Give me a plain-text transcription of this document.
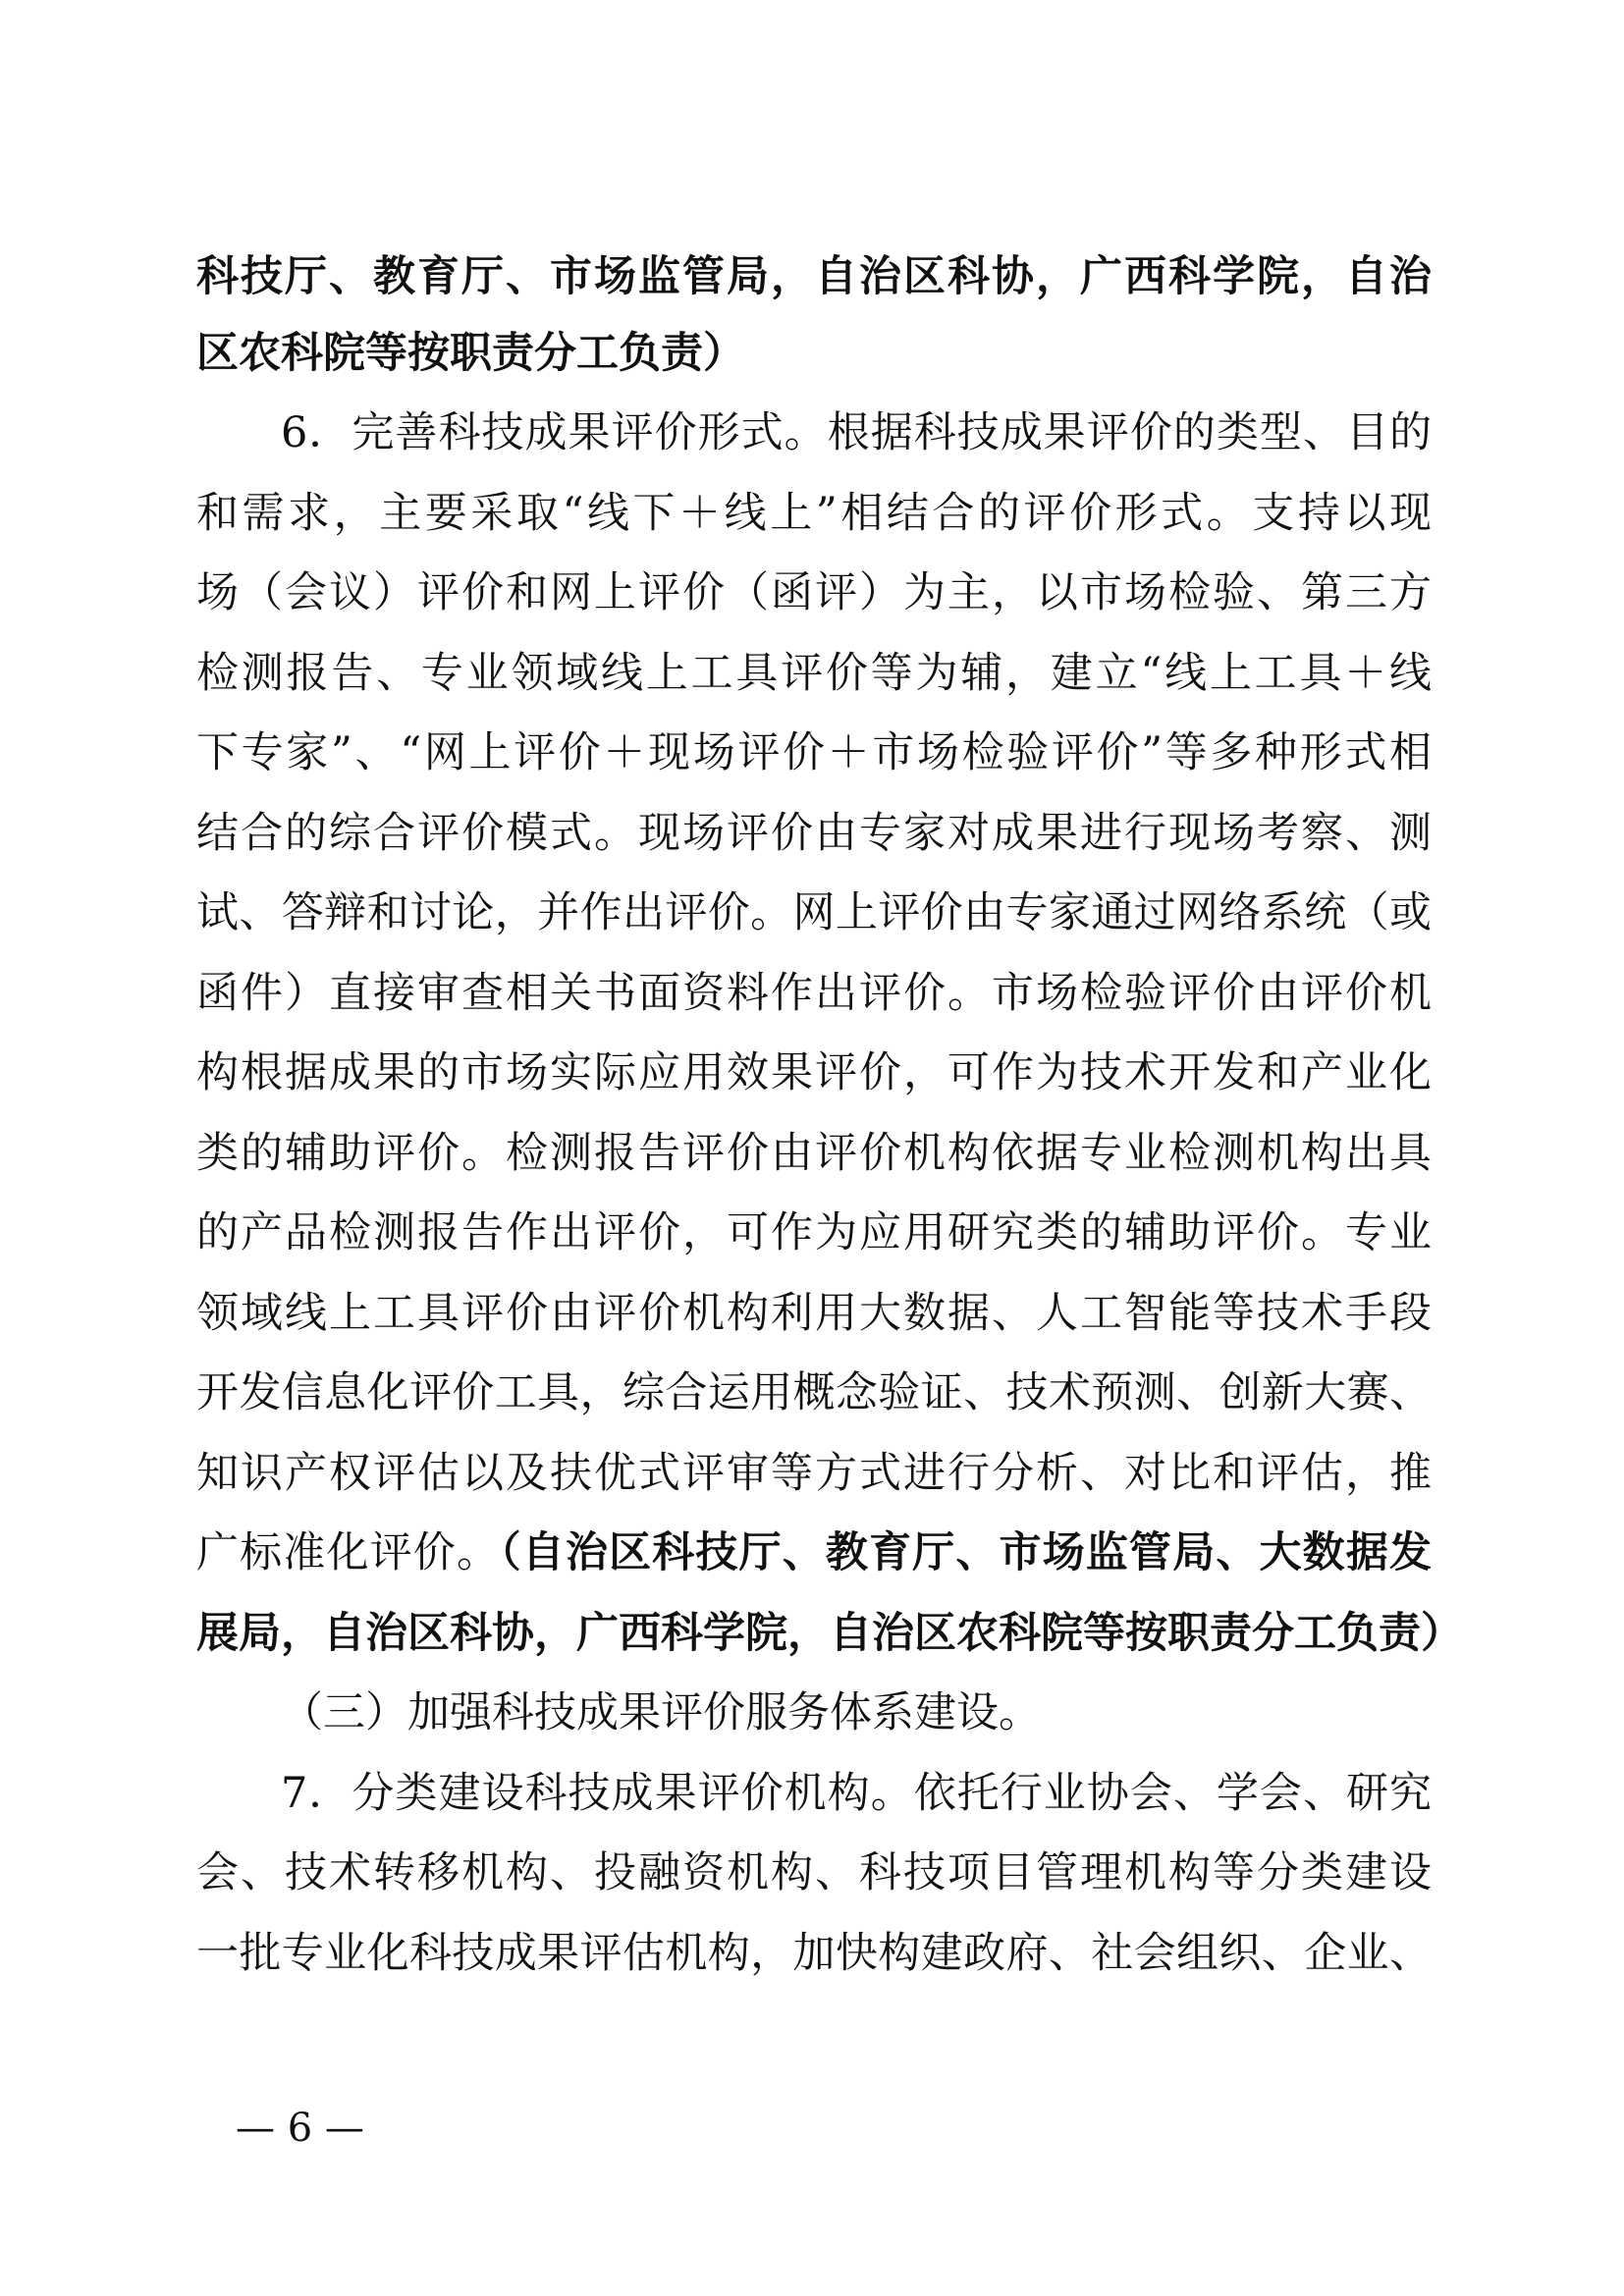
科技厅、教育厅、市场监管局，自治区科协，广西科学院，自治
区农科院等按职责分工负责）
6．完善科技成果评价形式。根据科技成果评价的类型、目的
和需求，主要采取“线下＋线上”相结合的评价形式。支持以现
场（会议）评价和网上评价（函评）为主，以市场检验、第三方
检测报告、专业领域线上工具评价等为辅，建立“线上工具＋线
下专家”、“网上评价＋现场评价＋市场检验评价”等多种形式相
结合的综合评价模式。现场评价由专家对成果进行现场考察、测
试、答辩和讨论，并作出评价。网上评价由专家通过网络系统（或
函件）直接审查相关书面资料作出评价。市场检验评价由评价机
构根据成果的市场实际应用效果评价，可作为技术开发和产业化
类的辅助评价。检测报告评价由评价机构依据专业检测机构出具
的产品检测报告作出评价，可作为应用研究类的辅助评价。专业
领域线上工具评价由评价机构利用大数据、人工智能等技术手段
开发信息化评价工具，综合运用概念验证、技术预测、创新大赛、
知识产权评估以及扶优式评审等方式进行分析、对比和评估，推
广标准化评价。（自治区科技厅、教育厅、市场监管局、大数据发
展局，自治区科协，广西科学院，自治区农科院等按职责分工负责）
（三）加强科技成果评价服务体系建设。
7．分类建设科技成果评价机构。依托行业协会、学会、研究
会、技术转移机构、投融资机构、科技项目管理机构等分类建设
一批专业化科技成果评估机构，加快构建政府、社会组织、企业、
— 6 —
